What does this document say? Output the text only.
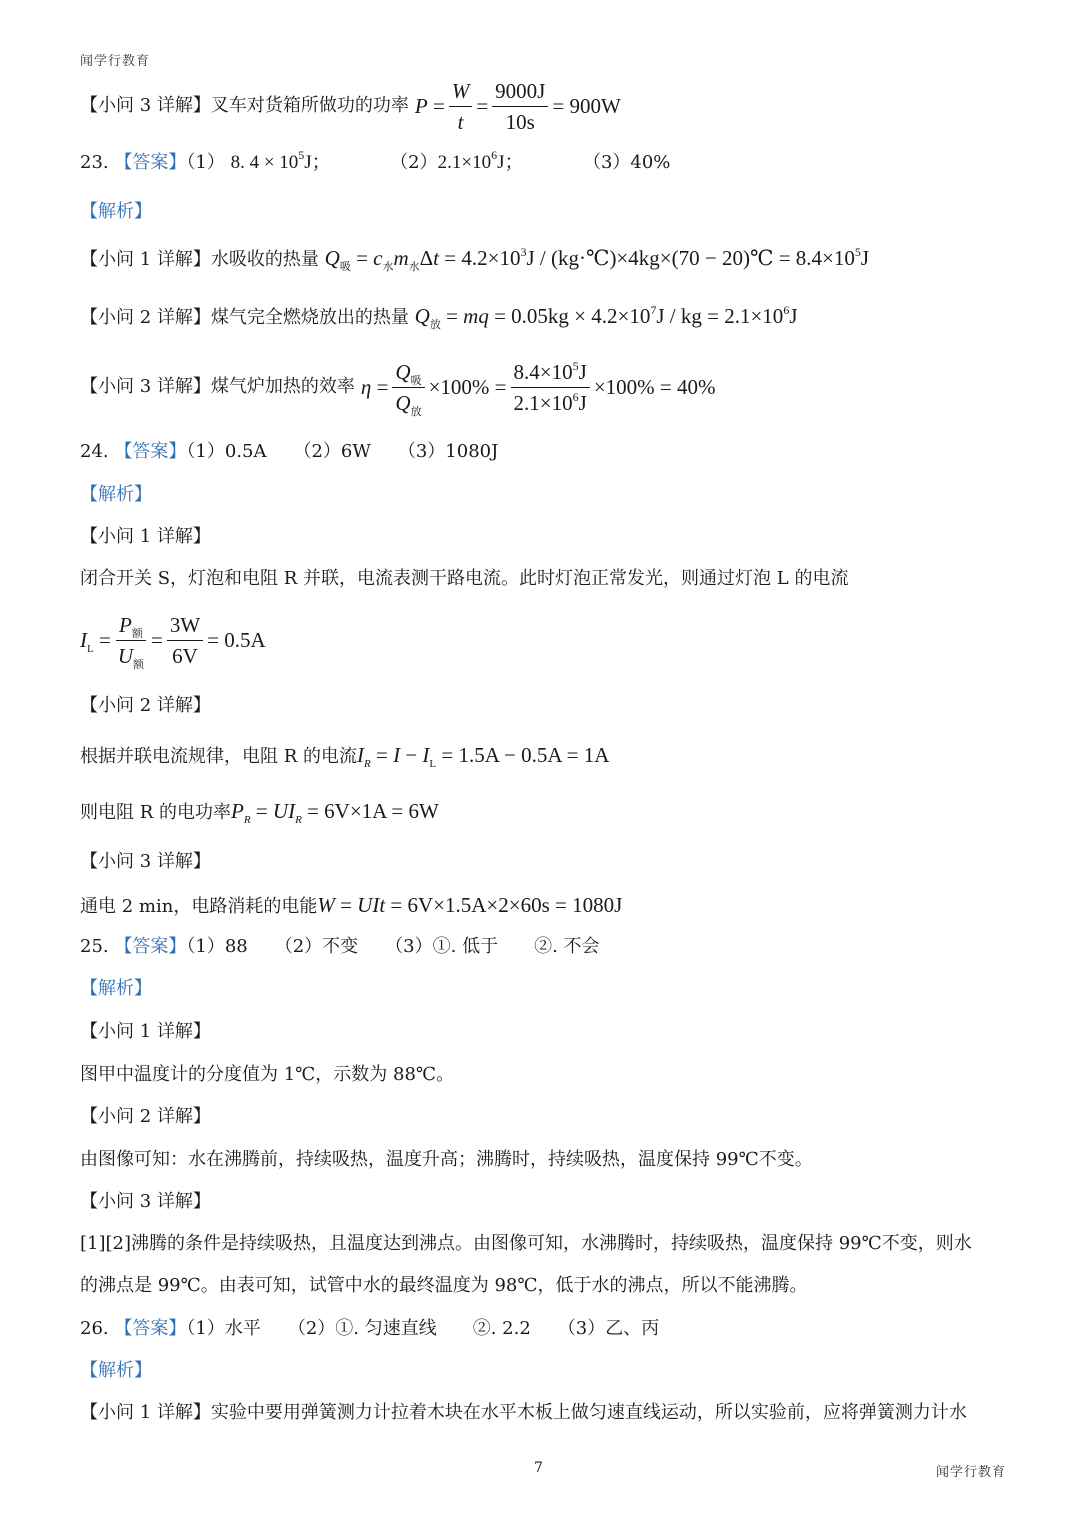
闻学行教育
【小问 3 详解】 叉车对货箱所做功的功率 $P = \frac{W}{t} = \frac{9000J}{10s} = 900W$
23. 【答案】（1） 8. $4 \times 10^5J$；	$(2)2.1\times 10^6J$；	（3）40%
【解析】
【小问 1 详解】水吸收的热量 $Q_吸 = c_水m_水\Delta t = 4.2\times 10^3J$ / (kg·℃)×4kg×(70 − 20)℃ = $8.4\times 10^5J$
【小问 2 详解】煤气完全燃烧放出的热量 $Q_放$ = mq = $0.05kg \times 4.2\times 10^7J$ / kg = $2.1\times 10^6J$
【小问 3 详解】 煤气炉加热的效率 $\eta = \frac{Q_吸}{Q_放} \times 100\% = \frac{8.4\times 10^5J}{2.1\times 10^6J} \times 100\% = 40\%$
24. 【答案】（1）0.5A　　（2）6W　　（3）1080J
【解析】
【小问 1 详解】
闭合开关 S，灯泡和电阻 R 并联，电流表测干路电流。此时灯泡正常发光，则通过灯泡 L 的电流
$I_L = \frac{P_额}{U_额} = \frac{3W}{6V} = 0.5A$
【小问 2 详解】
根据并联电流规律，电阻 R 的电流$I_R = I - I_L = 1.5A - 0.5A = 1A$
则电阻 R 的电功率$P_R = UI_R = 6V\times 1A = 6W$
【小问 3 详解】
通电 2 min，电路消耗的电能W = UIt = 6V×1.5A×2×60s = 1080J
25. 【答案】（1）88　　（2）不变　　（3）①. 低于　　②. 不会
【解析】
【小问 1 详解】
图甲中温度计的分度值为 1℃，示数为 88℃。
【小问 2 详解】
由图像可知：水在沸腾前，持续吸热，温度升高；沸腾时，持续吸热，温度保持 99℃不变。
【小问 3 详解】
[1][2]沸腾的条件是持续吸热，且温度达到沸点。由图像可知，水沸腾时，持续吸热，温度保持 99℃不变，则水
的沸点是 99℃。由表可知，试管中水的最终温度为 98℃，低于水的沸点，所以不能沸腾。
26. 【答案】（1）水平　　（2）①. 匀速直线　　②. 2.2　　（3）乙、丙
【解析】
【小问 1 详解】实验中要用弹簧测力计拉着木块在水平木板上做匀速直线运动，所以实验前，应将弹簧测力计水
7	闻学行教育
